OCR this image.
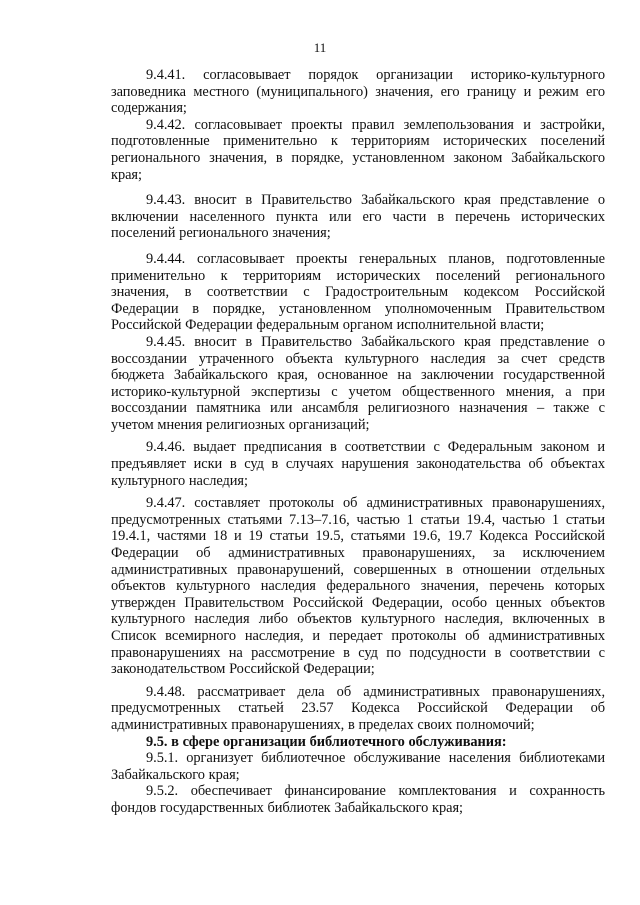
11

9.4.41. согласовывает порядок организации историко-культурного заповедника местного (муниципального) значения, его границу и режим его содержания;

9.4.42. согласовывает проекты правил землепользования и застройки, подготовленные применительно к территориям исторических поселений регионального значения, в порядке, установленном законом Забайкальского края;

9.4.43. вносит в Правительство Забайкальского края представление о включении населенного пункта или его части в перечень исторических поселений регионального значения;

9.4.44. согласовывает проекты генеральных планов, подготовленные применительно к территориям исторических поселений регионального значения, в соответствии с Градостроительным кодексом Российской Федерации в порядке, установленном уполномоченным Правительством Российской Федерации федеральным органом исполнительной власти;

9.4.45. вносит в Правительство Забайкальского края представление о воссоздании утраченного объекта культурного наследия за счет средств бюджета Забайкальского края, основанное на заключении государственной историко-культурной экспертизы с учетом общественного мнения, а при воссоздании памятника или ансамбля религиозного назначения – также с учетом мнения религиозных организаций;

9.4.46. выдает предписания в соответствии с Федеральным законом и предъявляет иски в суд в случаях нарушения законодательства об объектах культурного наследия;

9.4.47. составляет протоколы об административных правонарушениях, предусмотренных статьями 7.13–7.16, частью 1 статьи 19.4, частью 1 статьи 19.4.1, частями 18 и 19 статьи 19.5, статьями 19.6, 19.7 Кодекса Российской Федерации об административных правонарушениях, за исключением административных правонарушений, совершенных в отношении отдельных объектов культурного наследия федерального значения, перечень которых утвержден Правительством Российской Федерации, особо ценных объектов культурного наследия либо объектов культурного наследия, включенных в Список всемирного наследия, и передает протоколы об административных правонарушениях на рассмотрение в суд по подсудности в соответствии с законодательством Российской Федерации;

9.4.48. рассматривает дела об административных правонарушениях, предусмотренных статьей 23.57 Кодекса Российской Федерации об административных правонарушениях, в пределах своих полномочий;

9.5. в сфере организации библиотечного обслуживания:

9.5.1. организует библиотечное обслуживание населения библиотеками Забайкальского края;

9.5.2. обеспечивает финансирование комплектования и сохранность фондов государственных библиотек Забайкальского края;
